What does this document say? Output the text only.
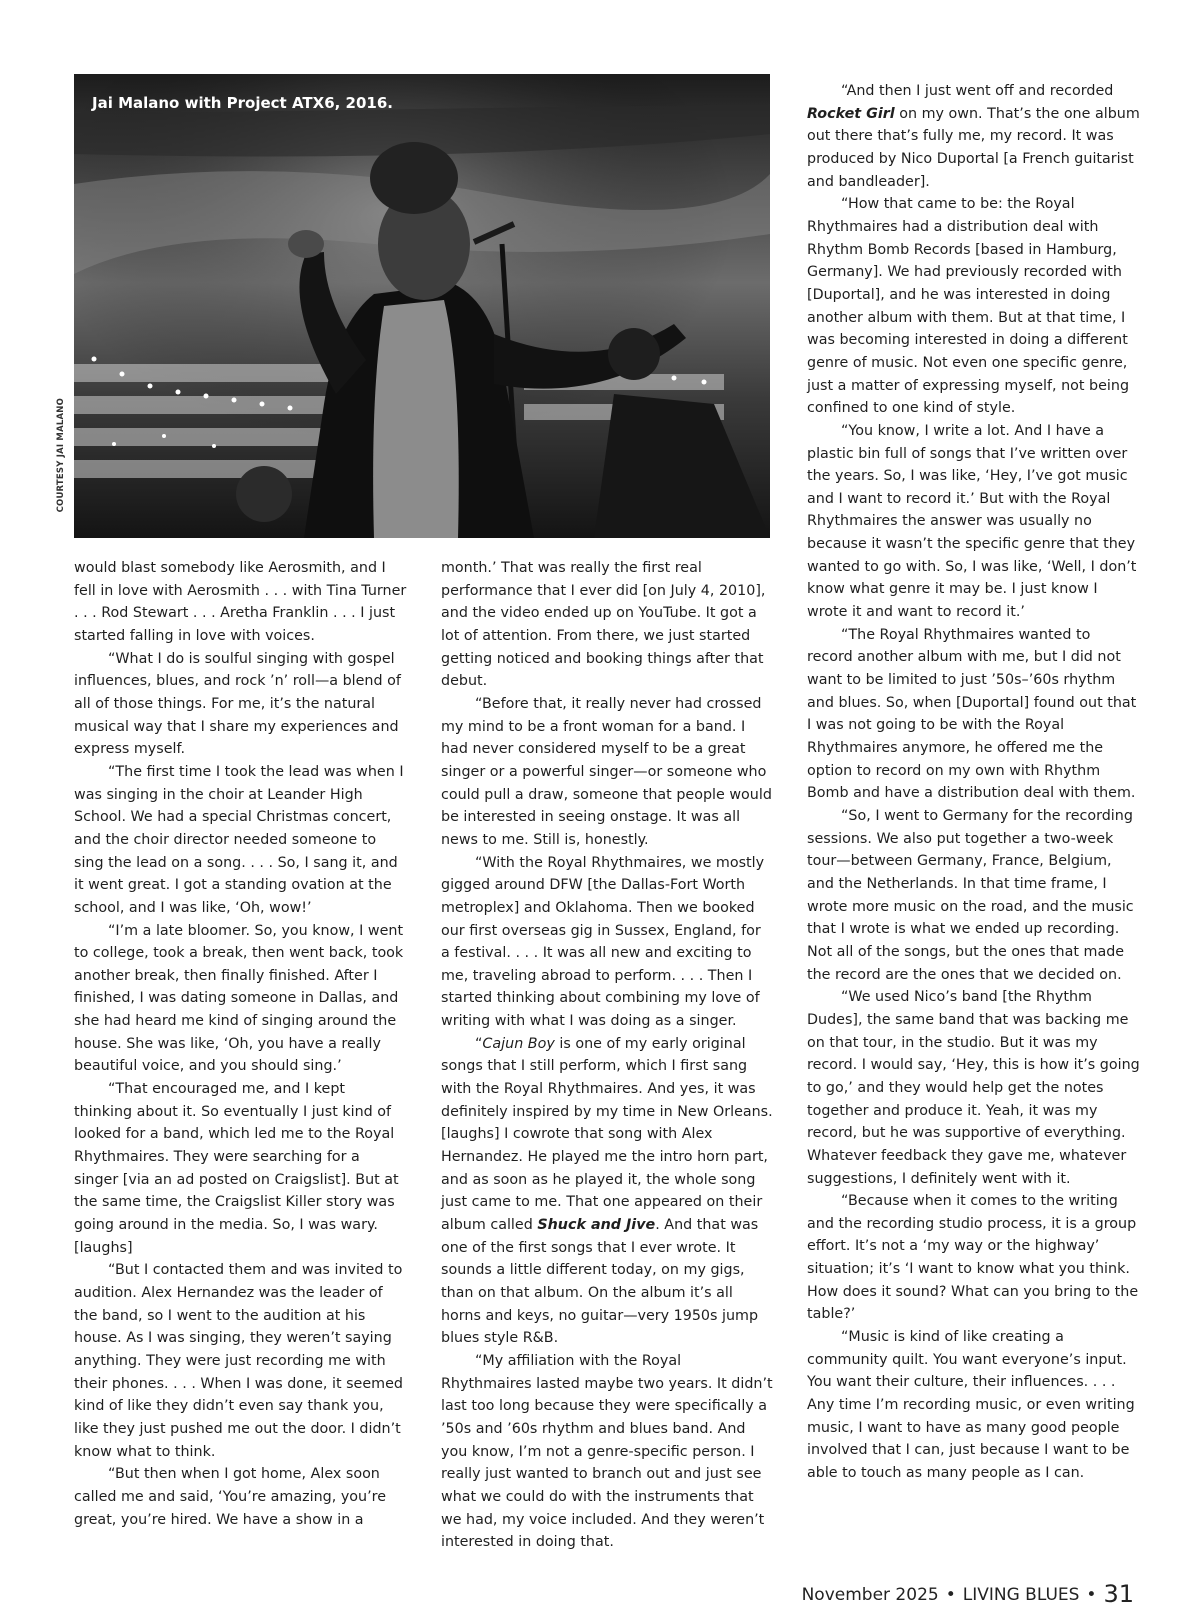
Jai Malano with Project ATX6, 2016.
COURTESY JAI MALANO

would blast somebody like Aerosmith, and I fell in love with Aerosmith . . . with Tina Turner . . . Rod Stewart . . . Aretha Franklin . . . I just started falling in love with voices.

“What I do is soulful singing with gospel influences, blues, and rock ’n’ roll—a blend of all of those things. For me, it’s the natural musical way that I share my experiences and express myself.

“The first time I took the lead was when I was singing in the choir at Leander High School. We had a special Christmas concert, and the choir director needed someone to sing the lead on a song. . . . So, I sang it, and it went great. I got a standing ovation at the school, and I was like, ‘Oh, wow!’

“I’m a late bloomer. So, you know, I went to college, took a break, then went back, took another break, then finally finished. After I finished, I was dating someone in Dallas, and she had heard me kind of singing around the house. She was like, ‘Oh, you have a really beautiful voice, and you should sing.’

“That encouraged me, and I kept thinking about it. So eventually I just kind of looked for a band, which led me to the Royal Rhythmaires. They were searching for a singer [via an ad posted on Craigslist]. But at the same time, the Craigslist Killer story was going around in the media. So, I was wary. [laughs]

“But I contacted them and was invited to audition. Alex Hernandez was the leader of the band, so I went to the audition at his house. As I was singing, they weren’t saying anything. They were just recording me with their phones. . . . When I was done, it seemed kind of like they didn’t even say thank you, like they just pushed me out the door. I didn’t know what to think.

“But then when I got home, Alex soon called me and said, ‘You’re amazing, you’re great, you’re hired. We have a show in a

month.’ That was really the first real performance that I ever did [on July 4, 2010], and the video ended up on YouTube. It got a lot of attention. From there, we just started getting noticed and booking things after that debut.

“Before that, it really never had crossed my mind to be a front woman for a band. I had never considered myself to be a great singer or a powerful singer—or someone who could pull a draw, someone that people would be interested in seeing onstage. It was all news to me. Still is, honestly.

“With the Royal Rhythmaires, we mostly gigged around DFW [the Dallas-Fort Worth metroplex] and Oklahoma. Then we booked our first overseas gig in Sussex, England, for a festival. . . . It was all new and exciting to me, traveling abroad to perform. . . . Then I started thinking about combining my love of writing with what I was doing as a singer.

“Cajun Boy is one of my early original songs that I still perform, which I first sang with the Royal Rhythmaires. And yes, it was definitely inspired by my time in New Orleans. [laughs] I cowrote that song with Alex Hernandez. He played me the intro horn part, and as soon as he played it, the whole song just came to me. That one appeared on their album called Shuck and Jive. And that was one of the first songs that I ever wrote. It sounds a little different today, on my gigs, than on that album. On the album it’s all horns and keys, no guitar—very 1950s jump blues style R&B.

“My affiliation with the Royal Rhythmaires lasted maybe two years. It didn’t last too long because they were specifically a ’50s and ’60s rhythm and blues band. And you know, I’m not a genre-specific person. I really just wanted to branch out and just see what we could do with the instruments that we had, my voice included. And they weren’t interested in doing that.

“And then I just went off and recorded Rocket Girl on my own. That’s the one album out there that’s fully me, my record. It was produced by Nico Duportal [a French guitarist and bandleader].

“How that came to be: the Royal Rhythmaires had a distribution deal with Rhythm Bomb Records [based in Hamburg, Germany]. We had previously recorded with [Duportal], and he was interested in doing another album with them. But at that time, I was becoming interested in doing a different genre of music. Not even one specific genre, just a matter of expressing myself, not being confined to one kind of style.

“You know, I write a lot. And I have a plastic bin full of songs that I’ve written over the years. So, I was like, ‘Hey, I’ve got music and I want to record it.’ But with the Royal Rhythmaires the answer was usually no because it wasn’t the specific genre that they wanted to go with. So, I was like, ‘Well, I don’t know what genre it may be. I just know I wrote it and want to record it.’

“The Royal Rhythmaires wanted to record another album with me, but I did not want to be limited to just ’50s–’60s rhythm and blues. So, when [Duportal] found out that I was not going to be with the Royal Rhythmaires anymore, he offered me the option to record on my own with Rhythm Bomb and have a distribution deal with them.

“So, I went to Germany for the recording sessions. We also put together a two-week tour—between Germany, France, Belgium, and the Netherlands. In that time frame, I wrote more music on the road, and the music that I wrote is what we ended up recording. Not all of the songs, but the ones that made the record are the ones that we decided on.

“We used Nico’s band [the Rhythm Dudes], the same band that was backing me on that tour, in the studio. But it was my record. I would say, ‘Hey, this is how it’s going to go,’ and they would help get the notes together and produce it. Yeah, it was my record, but he was supportive of everything. Whatever feedback they gave me, whatever suggestions, I definitely went with it.

“Because when it comes to the writing and the recording studio process, it is a group effort. It’s not a ‘my way or the highway’ situation; it’s ‘I want to know what you think. How does it sound? What can you bring to the table?’

“Music is kind of like creating a community quilt. You want everyone’s input. You want their culture, their influences. . . . Any time I’m recording music, or even writing music, I want to have as many good people involved that I can, just because I want to be able to touch as many people as I can.

November 2025 • LIVING BLUES • 31
